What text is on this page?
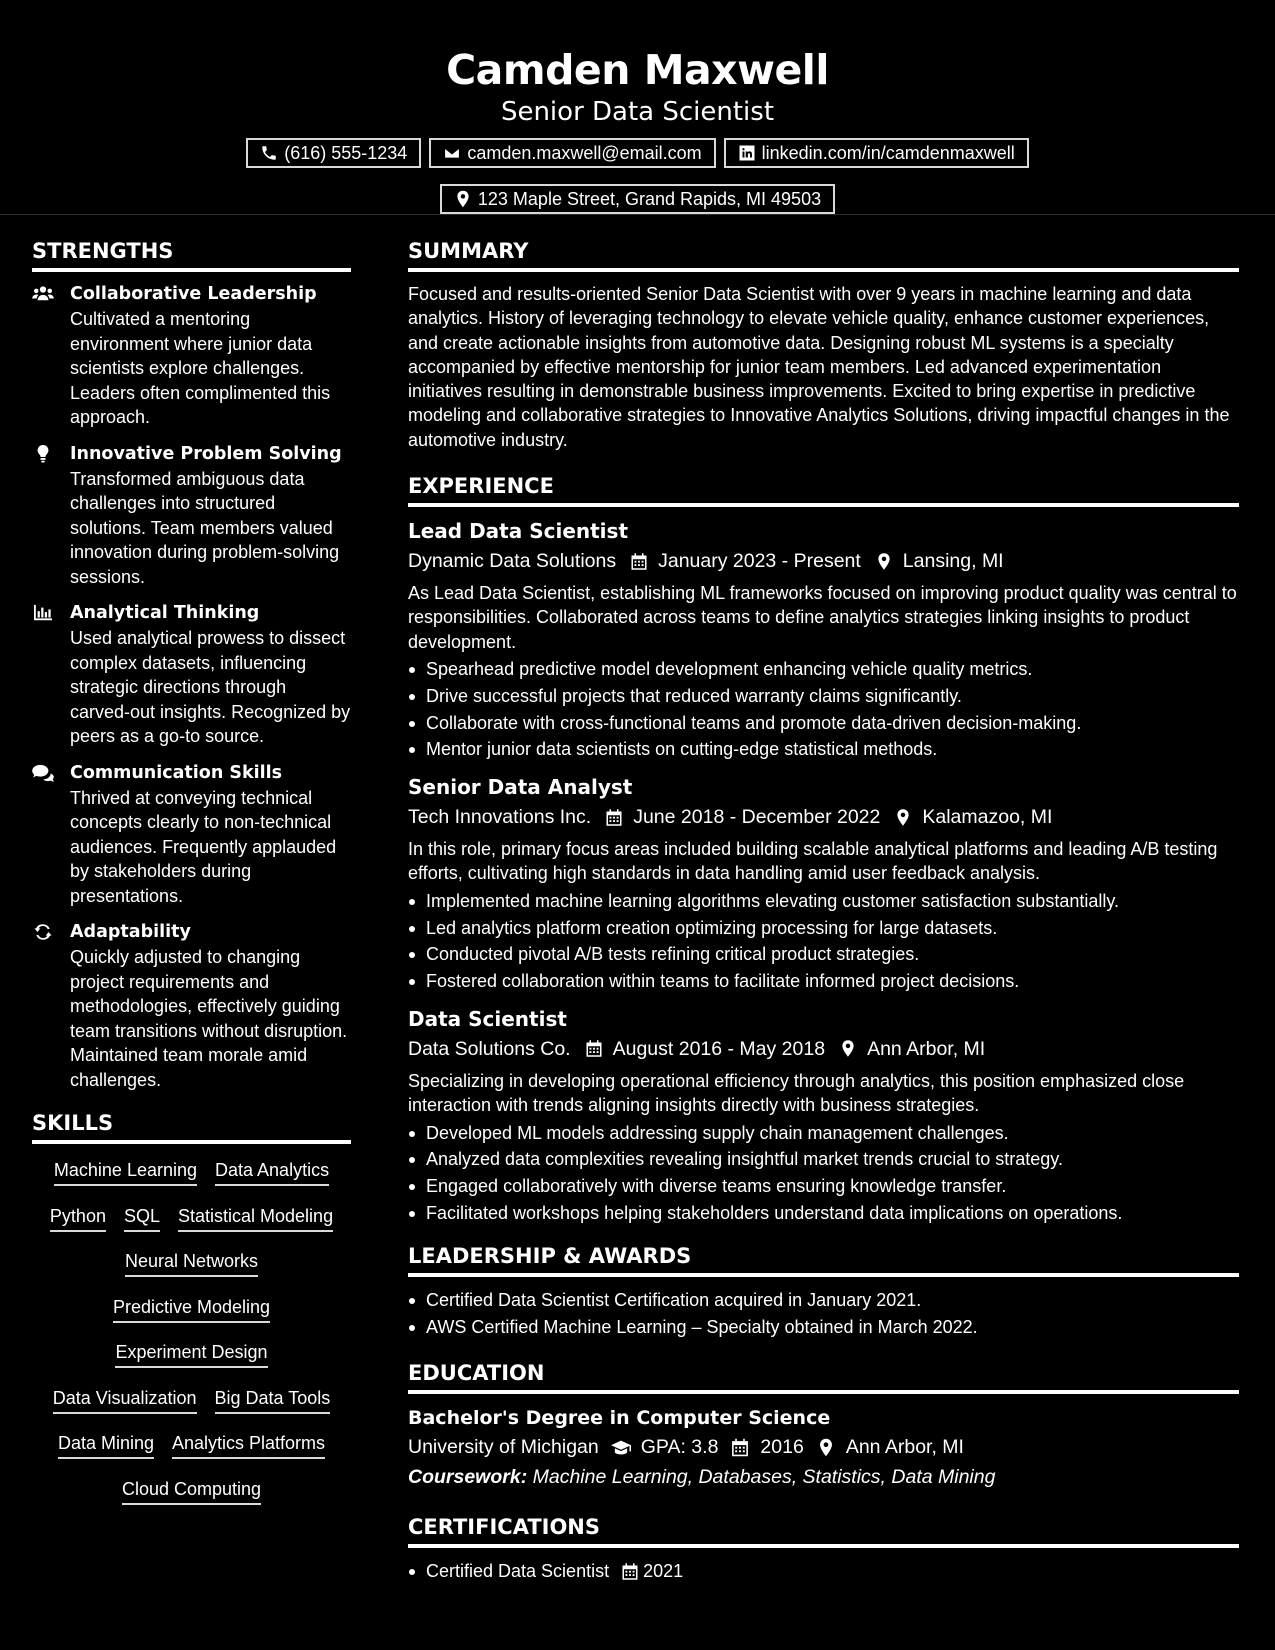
Camden Maxwell
Senior Data Scientist
(616) 555-1234	camden.maxwell@email.com	linkedin.com/in/camdenmaxwell
123 Maple Street, Grand Rapids, MI 49503
STRENGTHS
Collaborative Leadership
Cultivated a mentoring environment where junior data scientists explore challenges. Leaders often complimented this approach.
Innovative Problem Solving
Transformed ambiguous data challenges into structured solutions. Team members valued innovation during problem-solving sessions.
Analytical Thinking
Used analytical prowess to dissect complex datasets, influencing strategic directions through carved-out insights. Recognized by peers as a go-to source.
Communication Skills
Thrived at conveying technical concepts clearly to non-technical audiences. Frequently applauded by stakeholders during presentations.
Adaptability
Quickly adjusted to changing project requirements and methodologies, effectively guiding team transitions without disruption. Maintained team morale amid challenges.
SKILLS
Machine Learning Data Analytics
Python SQL Statistical Modeling
Neural Networks
Predictive Modeling
Experiment Design
Data Visualization Big Data Tools
Data Mining Analytics Platforms
Cloud Computing
SUMMARY
Focused and results-oriented Senior Data Scientist with over 9 years in machine learning and data analytics. History of leveraging technology to elevate vehicle quality, enhance customer experiences, and create actionable insights from automotive data. Designing robust ML systems is a specialty accompanied by effective mentorship for junior team members. Led advanced experimentation initiatives resulting in demonstrable business improvements. Excited to bring expertise in predictive modeling and collaborative strategies to Innovative Analytics Solutions, driving impactful changes in the automotive industry.
EXPERIENCE
Lead Data Scientist
Dynamic Data Solutions January 2023 - Present Lansing, MI
As Lead Data Scientist, establishing ML frameworks focused on improving product quality was central to responsibilities. Collaborated across teams to define analytics strategies linking insights to product development.
Spearhead predictive model development enhancing vehicle quality metrics.
Drive successful projects that reduced warranty claims significantly.
Collaborate with cross-functional teams and promote data-driven decision-making.
Mentor junior data scientists on cutting-edge statistical methods.
Senior Data Analyst
Tech Innovations Inc. June 2018 - December 2022 Kalamazoo, MI
In this role, primary focus areas included building scalable analytical platforms and leading A/B testing efforts, cultivating high standards in data handling amid user feedback analysis.
Implemented machine learning algorithms elevating customer satisfaction substantially.
Led analytics platform creation optimizing processing for large datasets.
Conducted pivotal A/B tests refining critical product strategies.
Fostered collaboration within teams to facilitate informed project decisions.
Data Scientist
Data Solutions Co. August 2016 - May 2018 Ann Arbor, MI
Specializing in developing operational efficiency through analytics, this position emphasized close interaction with trends aligning insights directly with business strategies.
Developed ML models addressing supply chain management challenges.
Analyzed data complexities revealing insightful market trends crucial to strategy.
Engaged collaboratively with diverse teams ensuring knowledge transfer.
Facilitated workshops helping stakeholders understand data implications on operations.
LEADERSHIP & AWARDS
Certified Data Scientist Certification acquired in January 2021.
AWS Certified Machine Learning – Specialty obtained in March 2022.
EDUCATION
Bachelor's Degree in Computer Science
University of Michigan GPA: 3.8 2016 Ann Arbor, MI
Coursework: Machine Learning, Databases, Statistics, Data Mining
CERTIFICATIONS
Certified Data Scientist 2021
